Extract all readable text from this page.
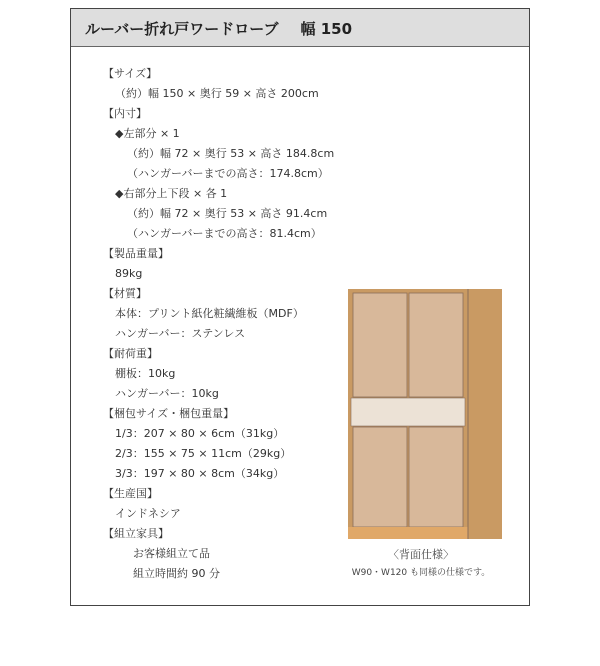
ルーバー折れ戸ワードローブ 幅 150
【サイズ】
（約）幅 150 × 奥行 59 × 高さ 200cm
【内寸】
◆左部分 × 1
（約）幅 72 × 奥行 53 × 高さ 184.8cm
（ハンガーバーまでの高さ：174.8cm）
◆右部分上下段 × 各 1
（約）幅 72 × 奥行 53 × 高さ 91.4cm
（ハンガーバーまでの高さ：81.4cm）
【製品重量】
89kg
【材質】
本体：プリント紙化粧繊維板（MDF）
ハンガーバー：ステンレス
【耐荷重】
棚板：10kg
ハンガーバー：10kg
【梱包サイズ・梱包重量】
1/3：207 × 80 × 6cm（31kg）
2/3：155 × 75 × 11cm（29kg）
3/3：197 × 80 × 8cm（34kg）
【生産国】
インドネシア
【組立家具】
お客様組立て品
組立時間約 90 分
〈背面仕様〉
W90・W120 も同様の仕様です。
